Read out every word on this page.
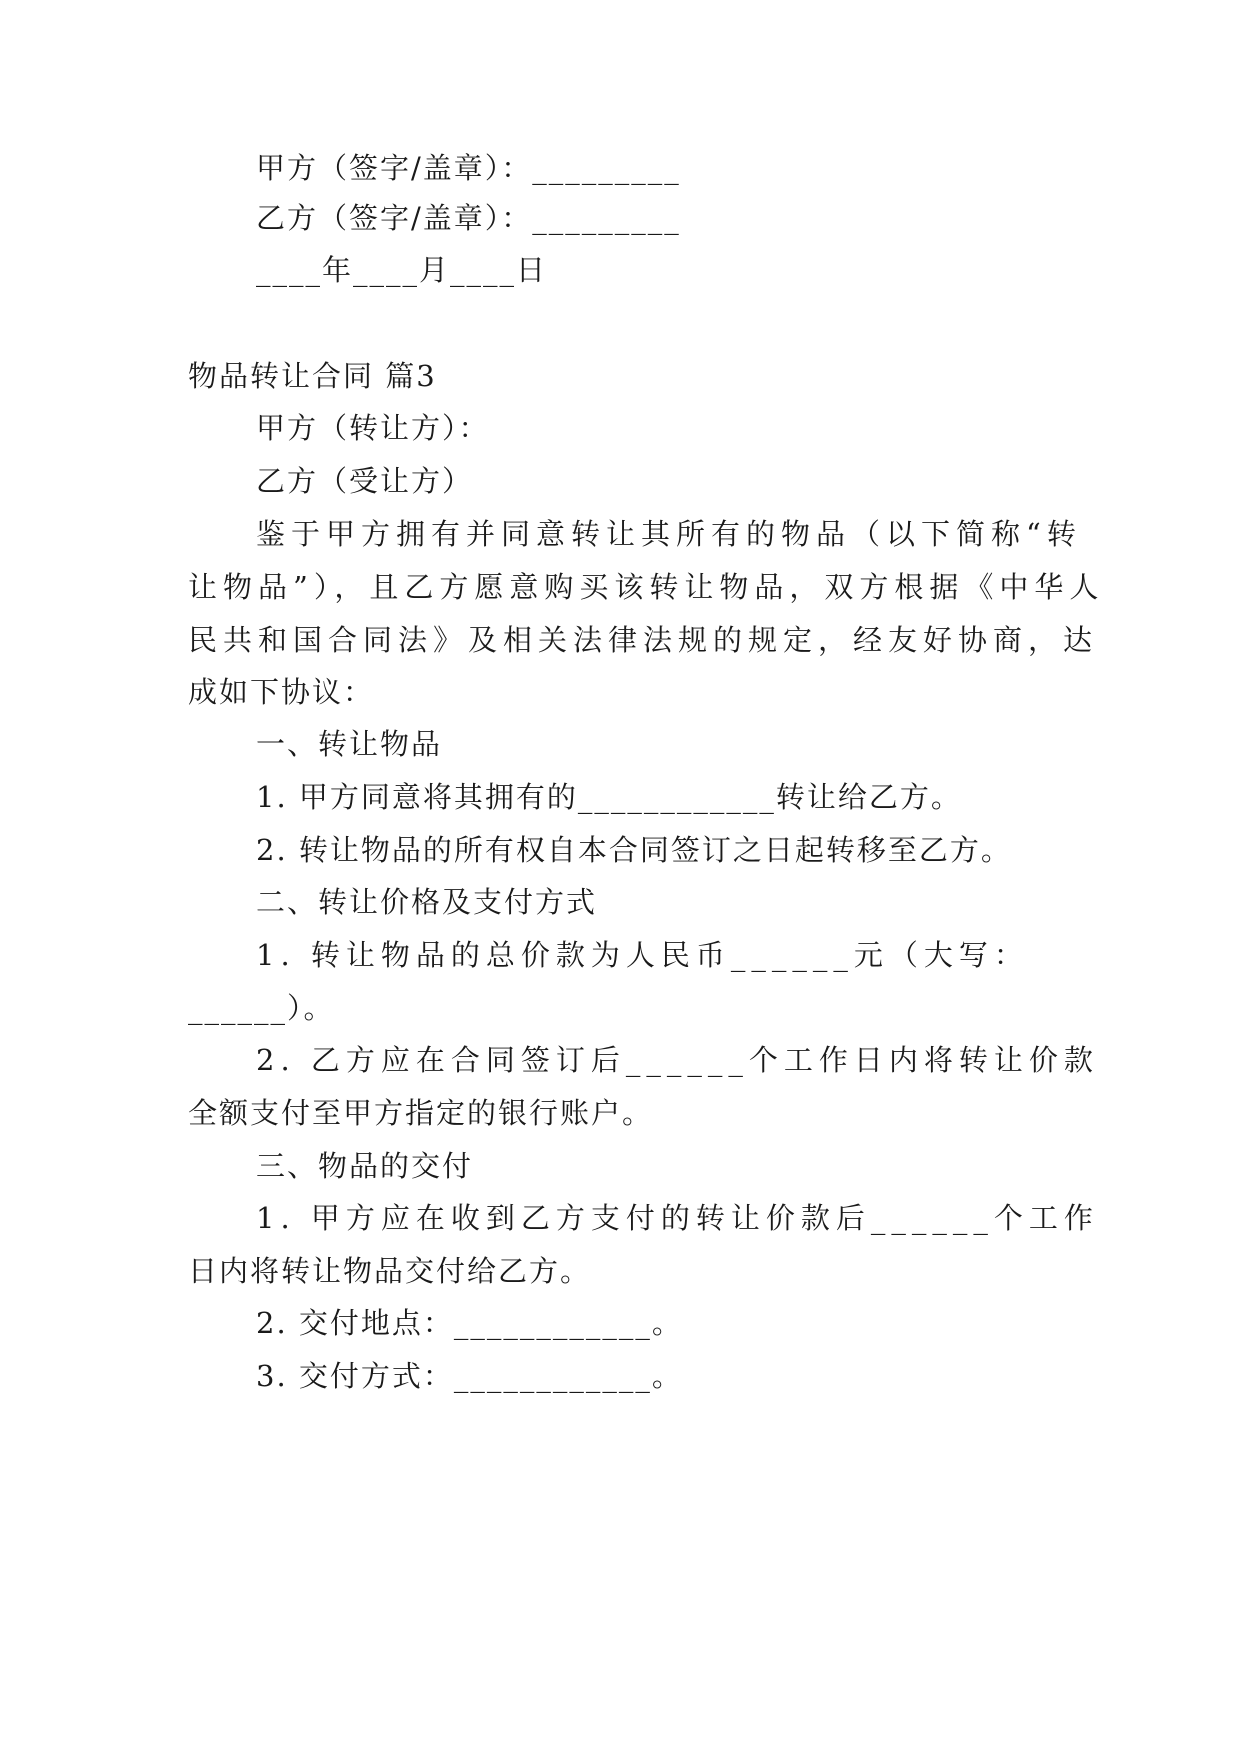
甲方（签字/盖章）：_________
乙方（签字/盖章）：_________
____年____月____日
物品转让合同 篇3
甲方（转让方）：
乙方（受让方）
鉴于甲方拥有并同意转让其所有的物品（以下简称“转
让物品”），且乙方愿意购买该转让物品，双方根据《中华人
民共和国合同法》及相关法律法规的规定，经友好协商，达
成如下协议：
一、转让物品
1. 甲方同意将其拥有的____________转让给乙方。
2. 转让物品的所有权自本合同签订之日起转移至乙方。
二、转让价格及支付方式
1. 转让物品的总价款为人民币______元（大写：
______）。
2. 乙方应在合同签订后______个工作日内将转让价款
全额支付至甲方指定的银行账户。
三、物品的交付
1. 甲方应在收到乙方支付的转让价款后______个工作
日内将转让物品交付给乙方。
2. 交付地点：____________。
3. 交付方式：____________。
